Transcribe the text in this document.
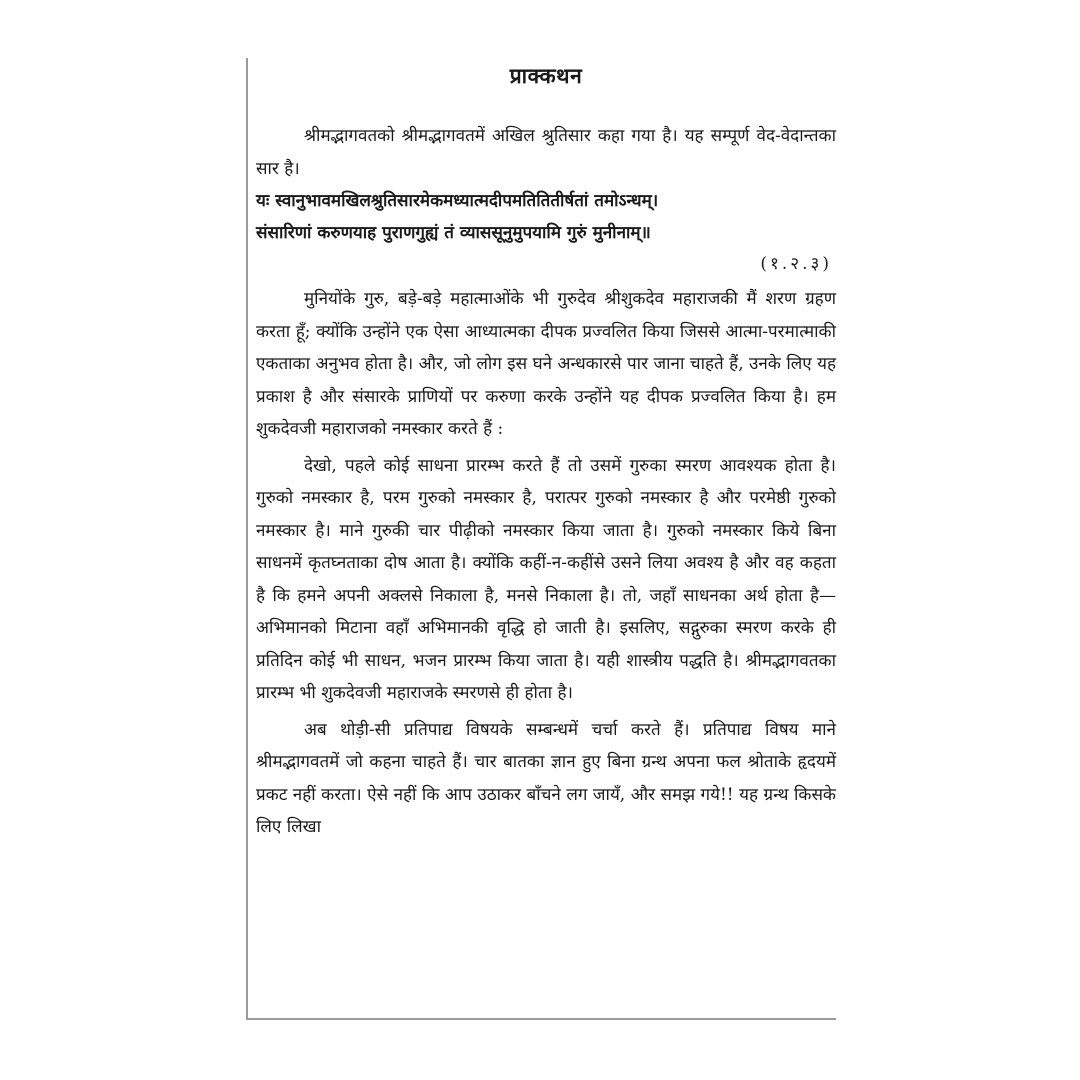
प्राक्कथन

श्रीमद्भागवतको श्रीमद्भागवतमें अखिल श्रुतिसार कहा गया है। यह सम्पूर्ण वेद-वेदान्तका सार है।

यः स्वानुभावमखिलश्रुतिसारमेकमध्यात्मदीपमतितितीर्षतां तमोऽन्धम्।

संसारिणां करुणयाह पुराणगुह्यं तं व्याससूनुमुपयामि गुरुं मुनीनाम्॥

(१.२.३)

मुनियोंके गुरु, बड़े-बड़े महात्माओंके भी गुरुदेव श्रीशुकदेव महाराजकी मैं शरण ग्रहण करता हूँ; क्योंकि उन्होंने एक ऐसा आध्यात्मका दीपक प्रज्वलित किया जिससे आत्मा-परमात्माकी एकताका अनुभव होता है। और, जो लोग इस घने अन्धकारसे पार जाना चाहते हैं, उनके लिए यह प्रकाश है और संसारके प्राणियों पर करुणा करके उन्होंने यह दीपक प्रज्वलित किया है। हम शुकदेवजी महाराजको नमस्कार करते हैं :

देखो, पहले कोई साधना प्रारम्भ करते हैं तो उसमें गुरुका स्मरण आवश्यक होता है। गुरुको नमस्कार है, परम गुरुको नमस्कार है, परात्पर गुरुको नमस्कार है और परमेष्ठी गुरुको नमस्कार है। माने गुरुकी चार पीढ़ीको नमस्कार किया जाता है। गुरुको नमस्कार किये बिना साधनमें कृतघ्नताका दोष आता है। क्योंकि कहीं-न-कहींसे उसने लिया अवश्य है और वह कहता है कि हमने अपनी अक्लसे निकाला है, मनसे निकाला है। तो, जहाँ साधनका अर्थ होता है—अभिमानको मिटाना वहाँ अभिमानकी वृद्धि हो जाती है। इसलिए, सद्गुरुका स्मरण करके ही प्रतिदिन कोई भी साधन, भजन प्रारम्भ किया जाता है। यही शास्त्रीय पद्धति है। श्रीमद्भागवतका प्रारम्भ भी शुकदेवजी महाराजके स्मरणसे ही होता है।

अब थोड़ी-सी प्रतिपाद्य विषयके सम्बन्धमें चर्चा करते हैं। प्रतिपाद्य विषय माने श्रीमद्भागवतमें जो कहना चाहते हैं। चार बातका ज्ञान हुए बिना ग्रन्थ अपना फल श्रोताके हृदयमें प्रकट नहीं करता। ऐसे नहीं कि आप उठाकर बाँचने लग जायँ, और समझ गये!! यह ग्रन्थ किसके लिए लिखा
